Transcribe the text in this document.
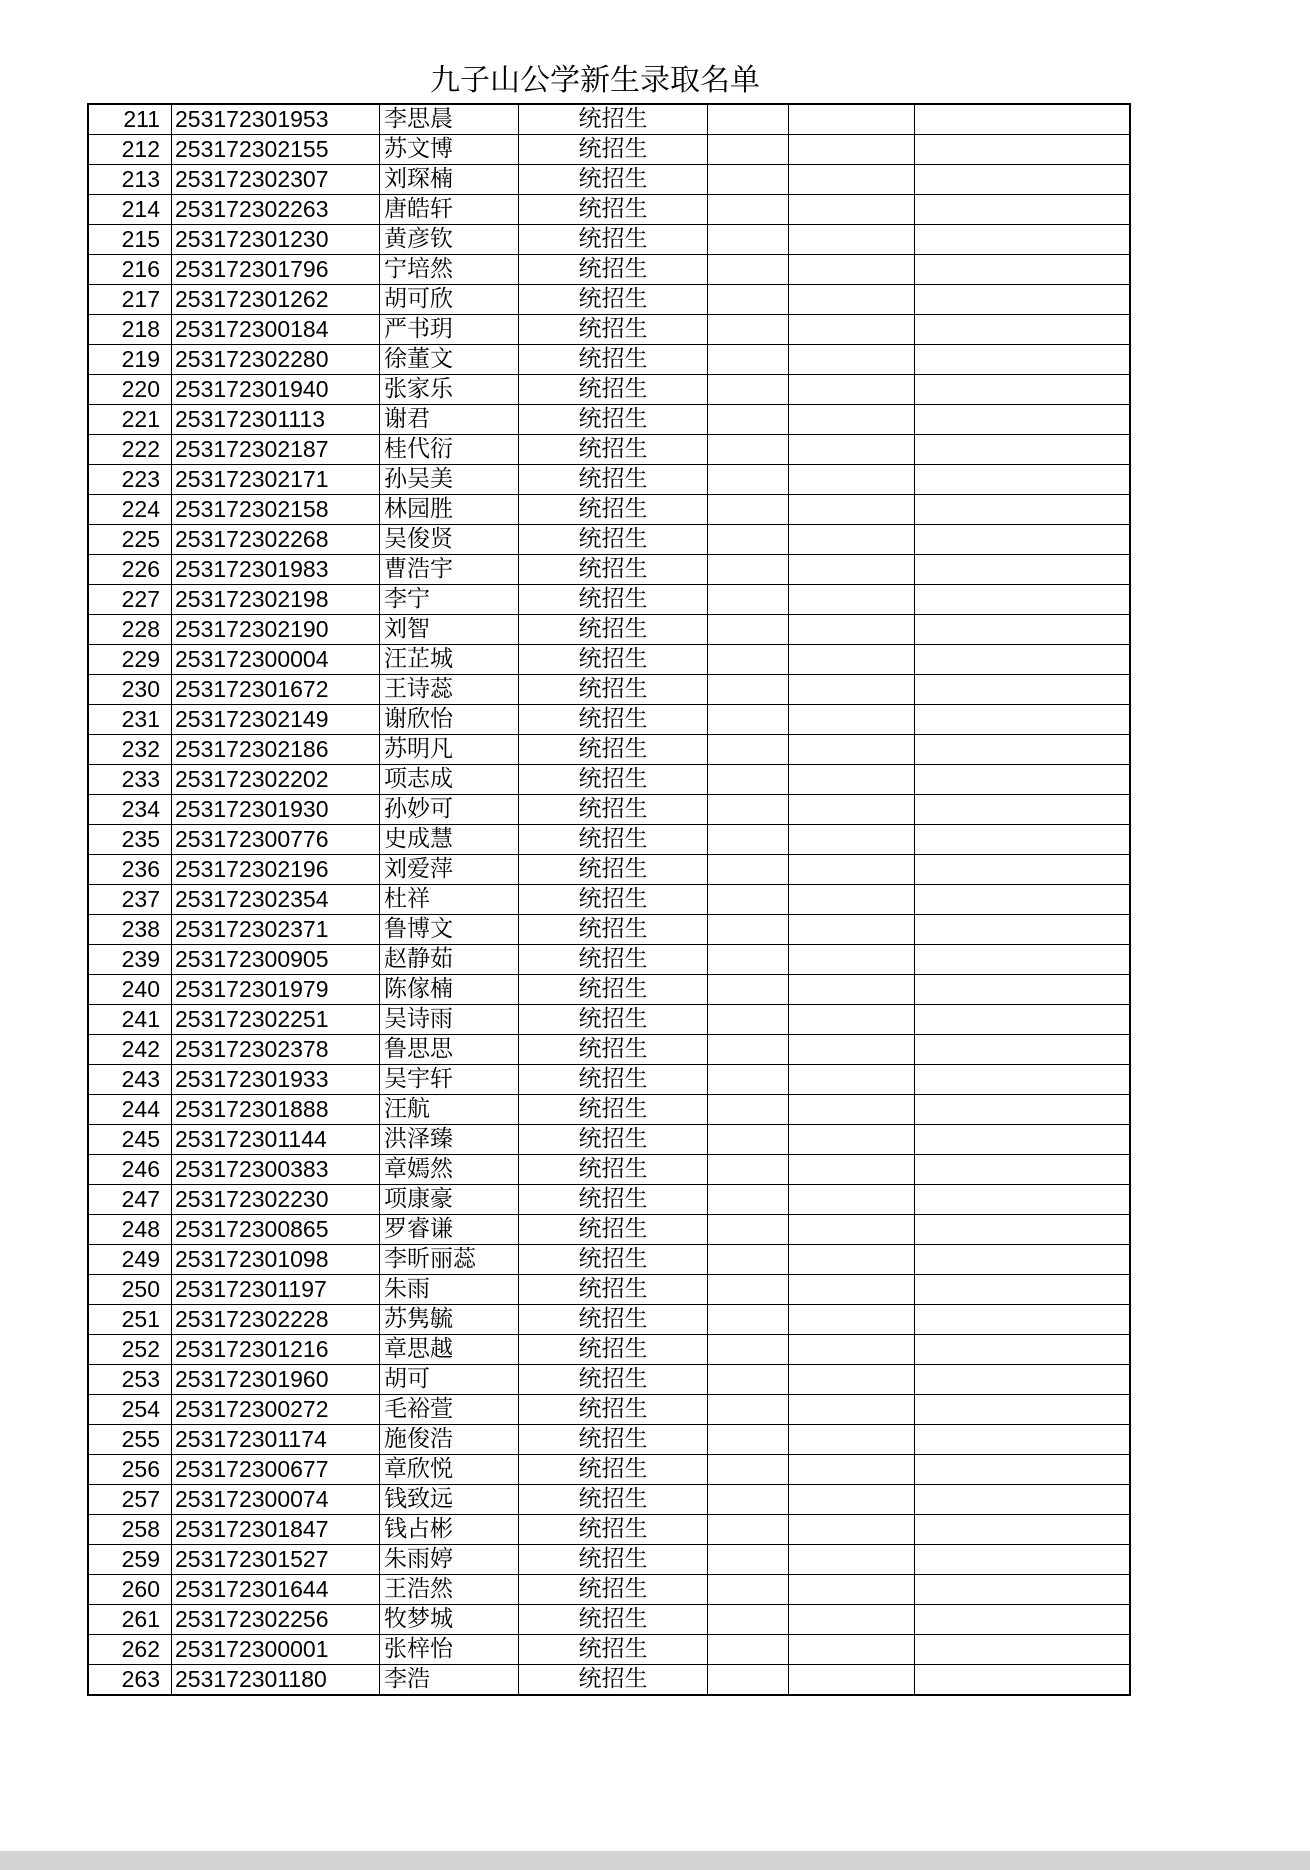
九子山公学新生录取名单
211	253172301953	李思晨	统招生			
212	253172302155	苏文博	统招生			
213	253172302307	刘琛楠	统招生			
214	253172302263	唐皓轩	统招生			
215	253172301230	黄彦钦	统招生			
216	253172301796	宁培然	统招生			
217	253172301262	胡可欣	统招生			
218	253172300184	严书玥	统招生			
219	253172302280	徐董文	统招生			
220	253172301940	张家乐	统招生			
221	253172301113	谢君	统招生			
222	253172302187	桂代衍	统招生			
223	253172302171	孙吴美	统招生			
224	253172302158	林园胜	统招生			
225	253172302268	吴俊贤	统招生			
226	253172301983	曹浩宇	统招生			
227	253172302198	李宁	统招生			
228	253172302190	刘智	统招生			
229	253172300004	汪芷城	统招生			
230	253172301672	王诗蕊	统招生			
231	253172302149	谢欣怡	统招生			
232	253172302186	苏明凡	统招生			
233	253172302202	项志成	统招生			
234	253172301930	孙妙可	统招生			
235	253172300776	史成慧	统招生			
236	253172302196	刘爱萍	统招生			
237	253172302354	杜祥	统招生			
238	253172302371	鲁博文	统招生			
239	253172300905	赵静茹	统招生			
240	253172301979	陈傢楠	统招生			
241	253172302251	吴诗雨	统招生			
242	253172302378	鲁思思	统招生			
243	253172301933	吴宇轩	统招生			
244	253172301888	汪航	统招生			
245	253172301144	洪泽臻	统招生			
246	253172300383	章嫣然	统招生			
247	253172302230	项康豪	统招生			
248	253172300865	罗睿谦	统招生			
249	253172301098	李昕丽蕊	统招生			
250	253172301197	朱雨	统招生			
251	253172302228	苏隽毓	统招生			
252	253172301216	章思越	统招生			
253	253172301960	胡可	统招生			
254	253172300272	毛裕萱	统招生			
255	253172301174	施俊浩	统招生			
256	253172300677	章欣悦	统招生			
257	253172300074	钱致远	统招生			
258	253172301847	钱占彬	统招生			
259	253172301527	朱雨婷	统招生			
260	253172301644	王浩然	统招生			
261	253172302256	牧梦城	统招生			
262	253172300001	张梓怡	统招生			
263	253172301180	李浩	统招生			
